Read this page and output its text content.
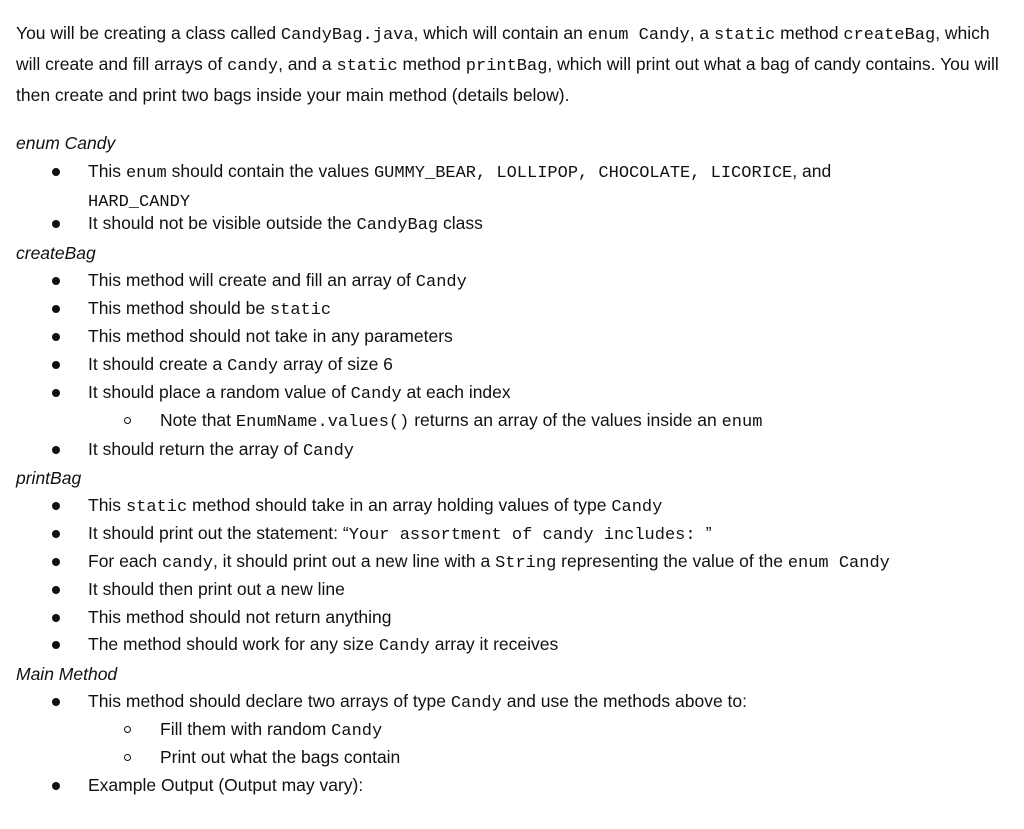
You will be creating a class called CandyBag.java, which will contain an enum Candy, a static method createBag, which will create and fill arrays of candy, and a static method printBag, which will print out what a bag of candy contains. You will then create and print two bags inside your main method (details below).

enum Candy

This enum should contain the values GUMMY_BEAR, LOLLIPOP, CHOCOLATE, LICORICE, and
HARD_CANDY
It should not be visible outside the CandyBag class

createBag

This method will create and fill an array of Candy
This method should be static
This method should not take in any parameters
It should create a Candy array of size 6
It should place a random value of Candy at each index
Note that EnumName.values() returns an array of the values inside an enum
It should return the array of Candy

printBag

This static method should take in an array holding values of type Candy
It should print out the statement: “Your assortment of candy includes: ”
For each candy, it should print out a new line with a String representing the value of the enum Candy
It should then print out a new line
This method should not return anything
The method should work for any size Candy array it receives

Main Method

This method should declare two arrays of type Candy and use the methods above to:
Fill them with random Candy
Print out what the bags contain
Example Output (Output may vary):
